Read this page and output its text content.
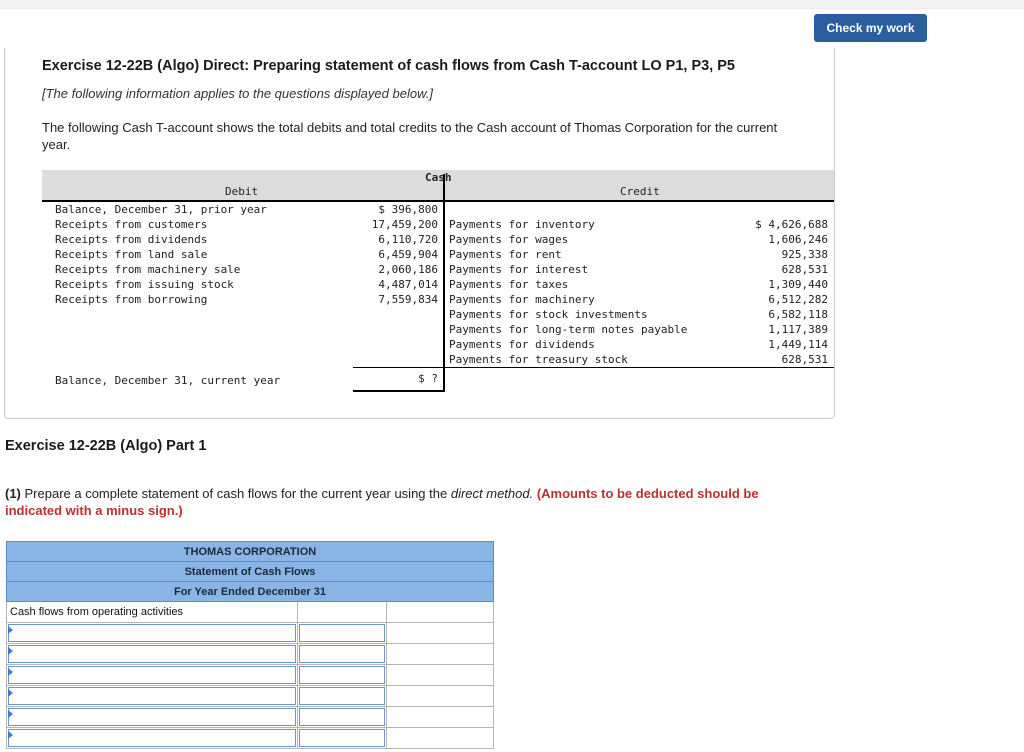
Check my work
Exercise 12-22B (Algo) Direct: Preparing statement of cash flows from Cash T-account LO P1, P3, P5
[The following information applies to the questions displayed below.]
The following Cash T-account shows the total debits and total credits to the Cash account of Thomas Corporation for the current year.
Cash
Debit	Credit
Balance, December 31, prior year	$ 396,800
Receipts from customers	17,459,200
Receipts from dividends	6,110,720
Receipts from land sale	6,459,904
Receipts from machinery sale	2,060,186
Receipts from issuing stock	4,487,014
Receipts from borrowing	7,559,834
Payments for inventory	$ 4,626,688
Payments for wages	1,606,246
Payments for rent	925,338
Payments for interest	628,531
Payments for taxes	1,309,440
Payments for machinery	6,512,282
Payments for stock investments	6,582,118
Payments for long-term notes payable	1,117,389
Payments for dividends	1,449,114
Payments for treasury stock	628,531
Balance, December 31, current year	$ ?
Exercise 12-22B (Algo) Part 1
(1) Prepare a complete statement of cash flows for the current year using the direct method. (Amounts to be deducted should be indicated with a minus sign.)
THOMAS CORPORATION
Statement of Cash Flows
For Year Ended December 31
Cash flows from operating activities
